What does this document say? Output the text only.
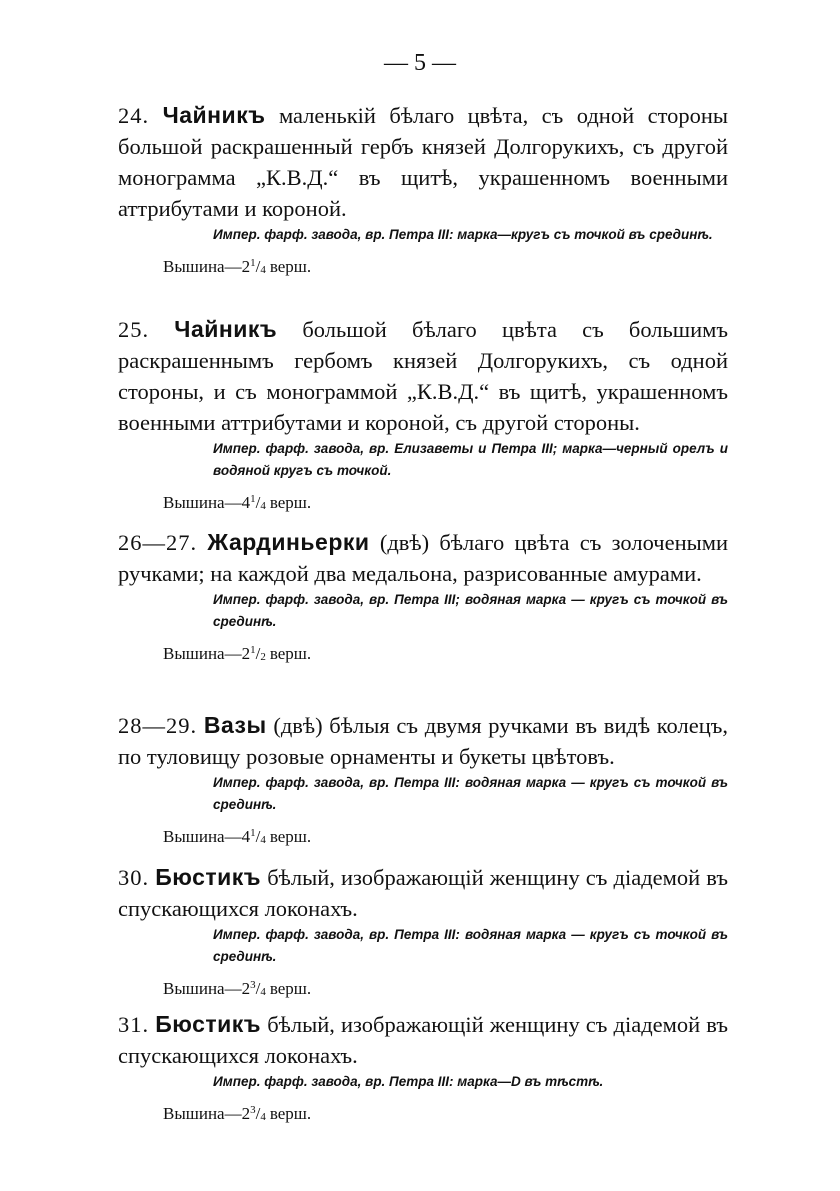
— 5 —

24. Чайникъ маленькій бѣлаго цвѣта, съ одной стороны большой раскрашенный гербъ князей Долгорукихъ, съ другой монограмма „К.В.Д.“ въ щитѣ, украшенномъ военными аттрибутами и короной.

Импер. фарф. завода, вр. Петра III: марка—кругъ съ точкой въ срединѣ.

$Вышина—2^1/_4$ верш.

25. Чайникъ большой бѣлаго цвѣта съ большимъ раскрашеннымъ гербомъ князей Долгорукихъ, съ одной стороны, и съ монограммой „К.В.Д.“ въ щитѣ, украшенномъ военными аттрибутами и короной, съ другой стороны.

Импер. фарф. завода, вр. Елизаветы и Петра III; марка—черный орелъ и водяной кругъ съ точкой.

$Вышина—4^1/_4$ верш.

26—27. Жардиньерки (двѣ) бѣлаго цвѣта съ золочеными ручками; на каждой два медальона, разрисованные амурами.

Импер. фарф. завода, вр. Петра III; водяная марка — кругъ съ точкой въ срединѣ.

$Вышина—2^1/_2$ верш.

28—29. Вазы (двѣ) бѣлыя съ двумя ручками въ видѣ колецъ, по туловищу розовые орнаменты и букеты цвѣтовъ.

Импер. фарф. завода, вр. Петра III: водяная марка — кругъ съ точкой въ срединѣ.

$Вышина—4^1/_4$ верш.

30. Бюстикъ бѣлый, изображающій женщину съ діадемой въ спускающихся локонахъ.

Импер. фарф. завода, вр. Петра III: водяная марка — кругъ съ точкой въ срединѣ.

$Вышина—2^3/_4$ верш.

31. Бюстикъ бѣлый, изображающій женщину съ діадемой въ спускающихся локонахъ.

Импер. фарф. завода, вр. Петра III: марка—D въ тѣстѣ.

$Вышина—2^3/_4$ верш.
